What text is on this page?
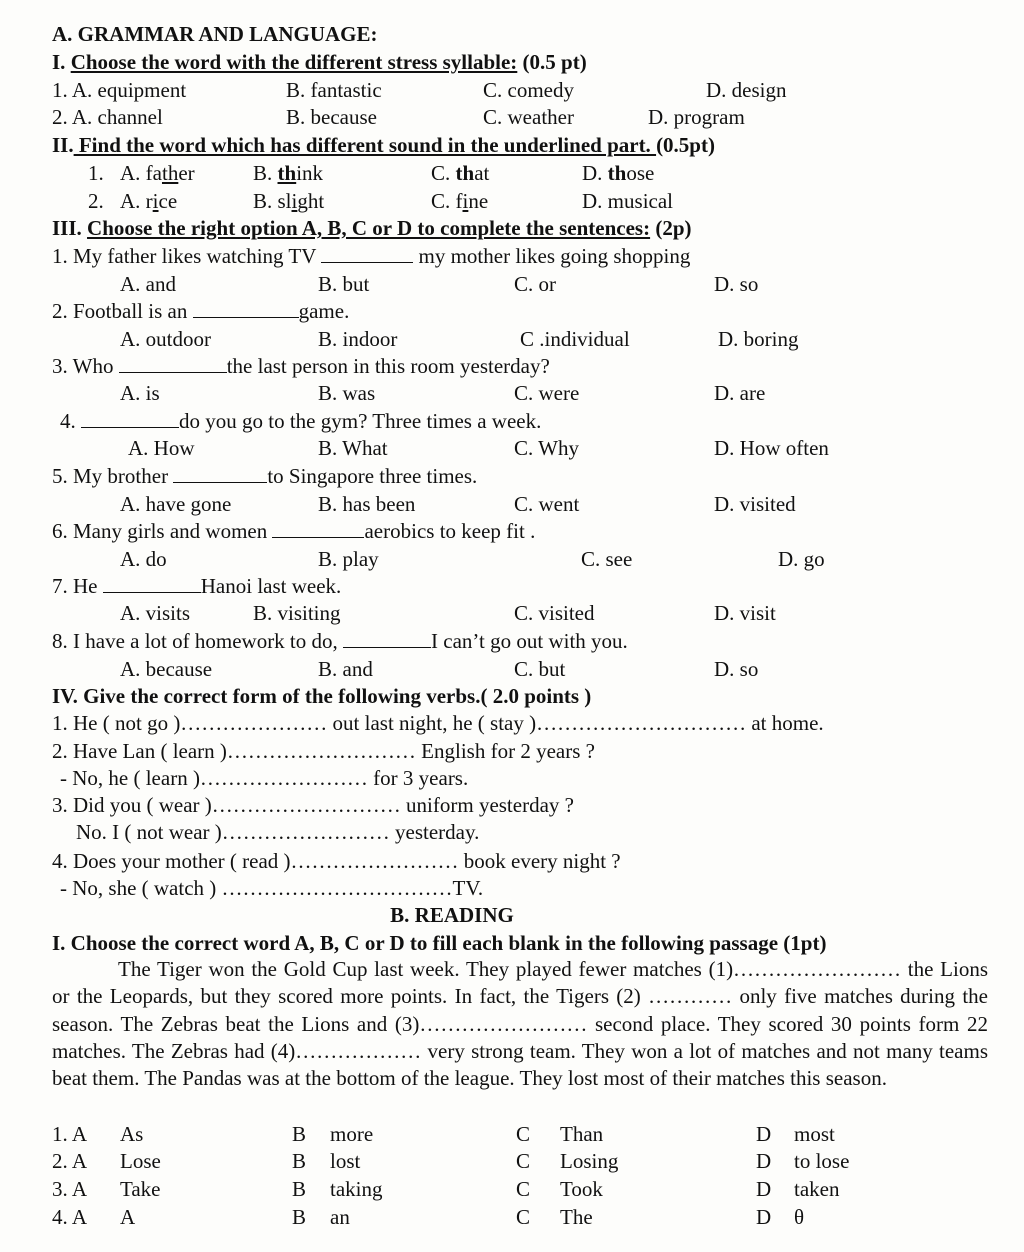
A. GRAMMAR AND LANGUAGE:
I. Choose the word with the different stress syllable: (0.5 pt)
1. A. equipment	B. fantastic	C. comedy	D. design
2. A. channel	B. because	C. weather	D. program
II. Find the word which has different sound in the underlined part. (0.5pt)
1. A. father	B. think	C. that	D. those
2. A. rice	B. slight	C. fine	D. musical
III. Choose the right option A, B, C or D to complete the sentences: (2p)
1. My father likes watching TV	my mother likes going shopping
A. and	B. but	C. or	D. so
2. Football is an	game.
A. outdoor	B. indoor	C .individual	D. boring
3. Who	the last person in this room yesterday?
A. is	B. was	C. were	D. are
4.	do you go to the gym? Three times a week.
A. How	B. What	C. Why	D. How often
5. My brother	to Singapore three times.
A. have gone	B. has been	C. went	D. visited
6. Many girls and women	aerobics to keep fit .
A. do	B. play	C. see	D. go
7. He	Hanoi last week.
A. visits	B. visiting	C. visited	D. visit
8. I have a lot of homework to do,	I can’t go out with you.
A. because	B. and	C. but	D. so
IV. Give the correct form of the following verbs.( 2.0 points )
1. He ( not go )………………… out last night, he ( stay )………………………… at home.
2. Have Lan ( learn )……………………… English for 2 years ?
- No, he ( learn )…………………… for 3 years.
3. Did you ( wear )……………………… uniform yesterday ?
No. I ( not wear )…………………… yesterday.
4. Does your mother ( read )…………………… book every night ?
- No, she ( watch ) ……………………………TV.
B. READING
I. Choose the correct word A, B, C or D to fill each blank in the following passage (1pt)
The Tiger won the Gold Cup last week. They played fewer matches (1)…………………… the Lions or the Leopards, but they scored more points. In fact, the Tigers (2) ………… only five matches during the season. The Zebras beat the Lions and (3)…………………… second place. They scored 30 points form 22 matches. The Zebras had (4)……………… very strong team. They won a lot of matches and not many teams beat them. The Pandas was at the bottom of the league. They lost most of their matches this season.
1. A As	B more	C Than	D most
2. A Lose	B lost	C Losing	D to lose
3. A Take	B taking	C Took	D taken
4. A A	B an	C The	D θ
